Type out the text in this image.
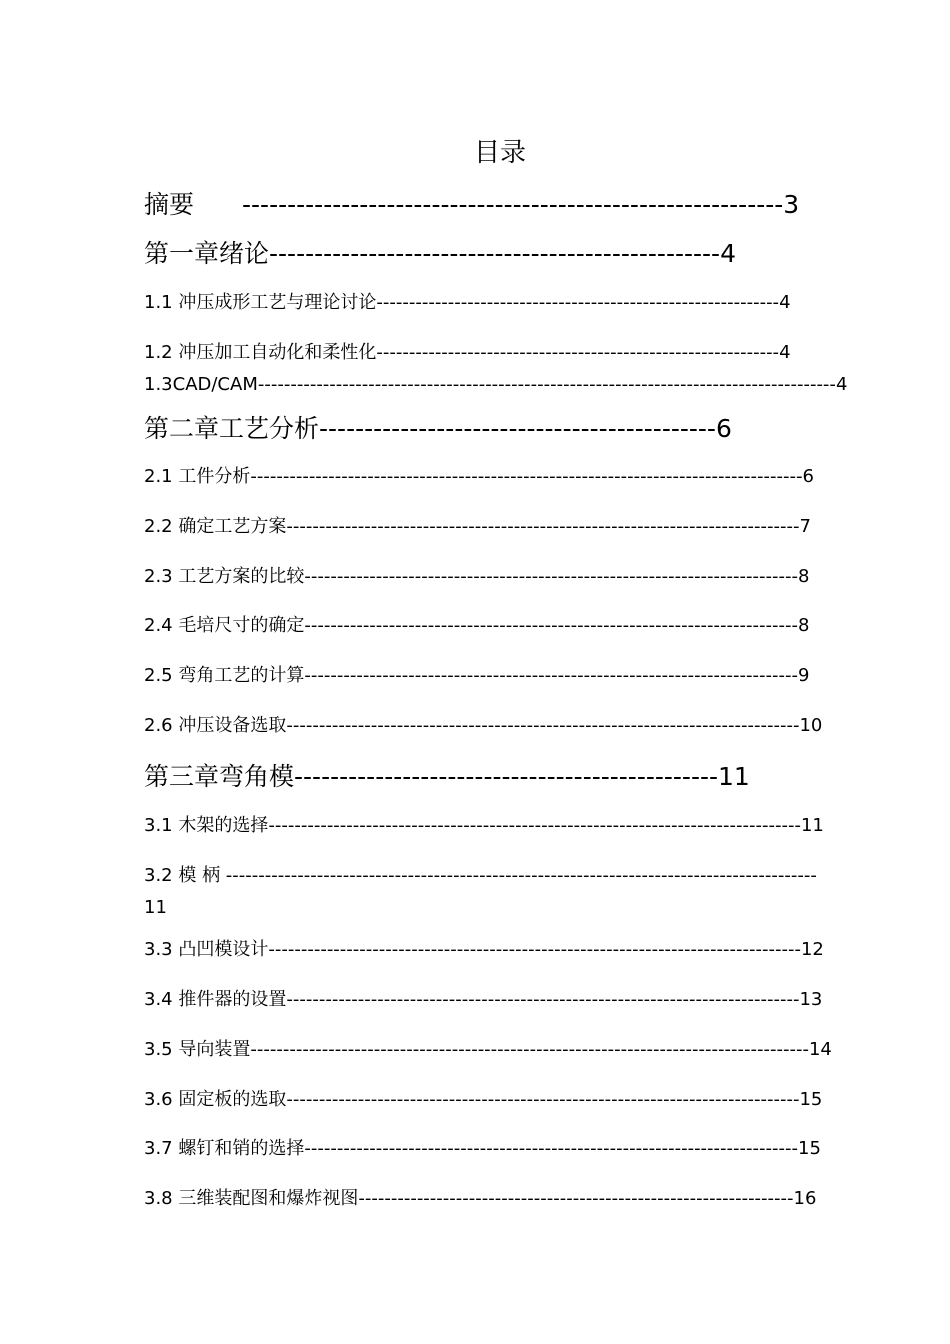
目录
摘要 ------------------------------------------------------------3
第一章绪论--------------------------------------------------4
1.1 冲压成形工艺与理论讨论--------------------------------------------------------------4
1.2 冲压加工自动化和柔性化--------------------------------------------------------------4
1.3CAD/CAM-----------------------------------------------------------------------------------------4
第二章工艺分析--------------------------------------------6
2.1 工件分析-------------------------------------------------------------------------------------6
2.2 确定工艺方案-------------------------------------------------------------------------------7
2.3 工艺方案的比较----------------------------------------------------------------------------8
2.4 毛培尺寸的确定----------------------------------------------------------------------------8
2.5 弯角工艺的计算----------------------------------------------------------------------------9
2.6 冲压设备选取-------------------------------------------------------------------------------10
第三章弯角模-----------------------------------------------11
3.1 木架的选择----------------------------------------------------------------------------------11
3.2 模 柄 -------------------------------------------------------------------------------------------
11
3.3 凸凹模设计----------------------------------------------------------------------------------12
3.4 推件器的设置-------------------------------------------------------------------------------13
3.5 导向装置--------------------------------------------------------------------------------------14
3.6 固定板的选取-------------------------------------------------------------------------------15
3.7 螺钉和销的选择----------------------------------------------------------------------------15
3.8 三维装配图和爆炸视图-------------------------------------------------------------------16
